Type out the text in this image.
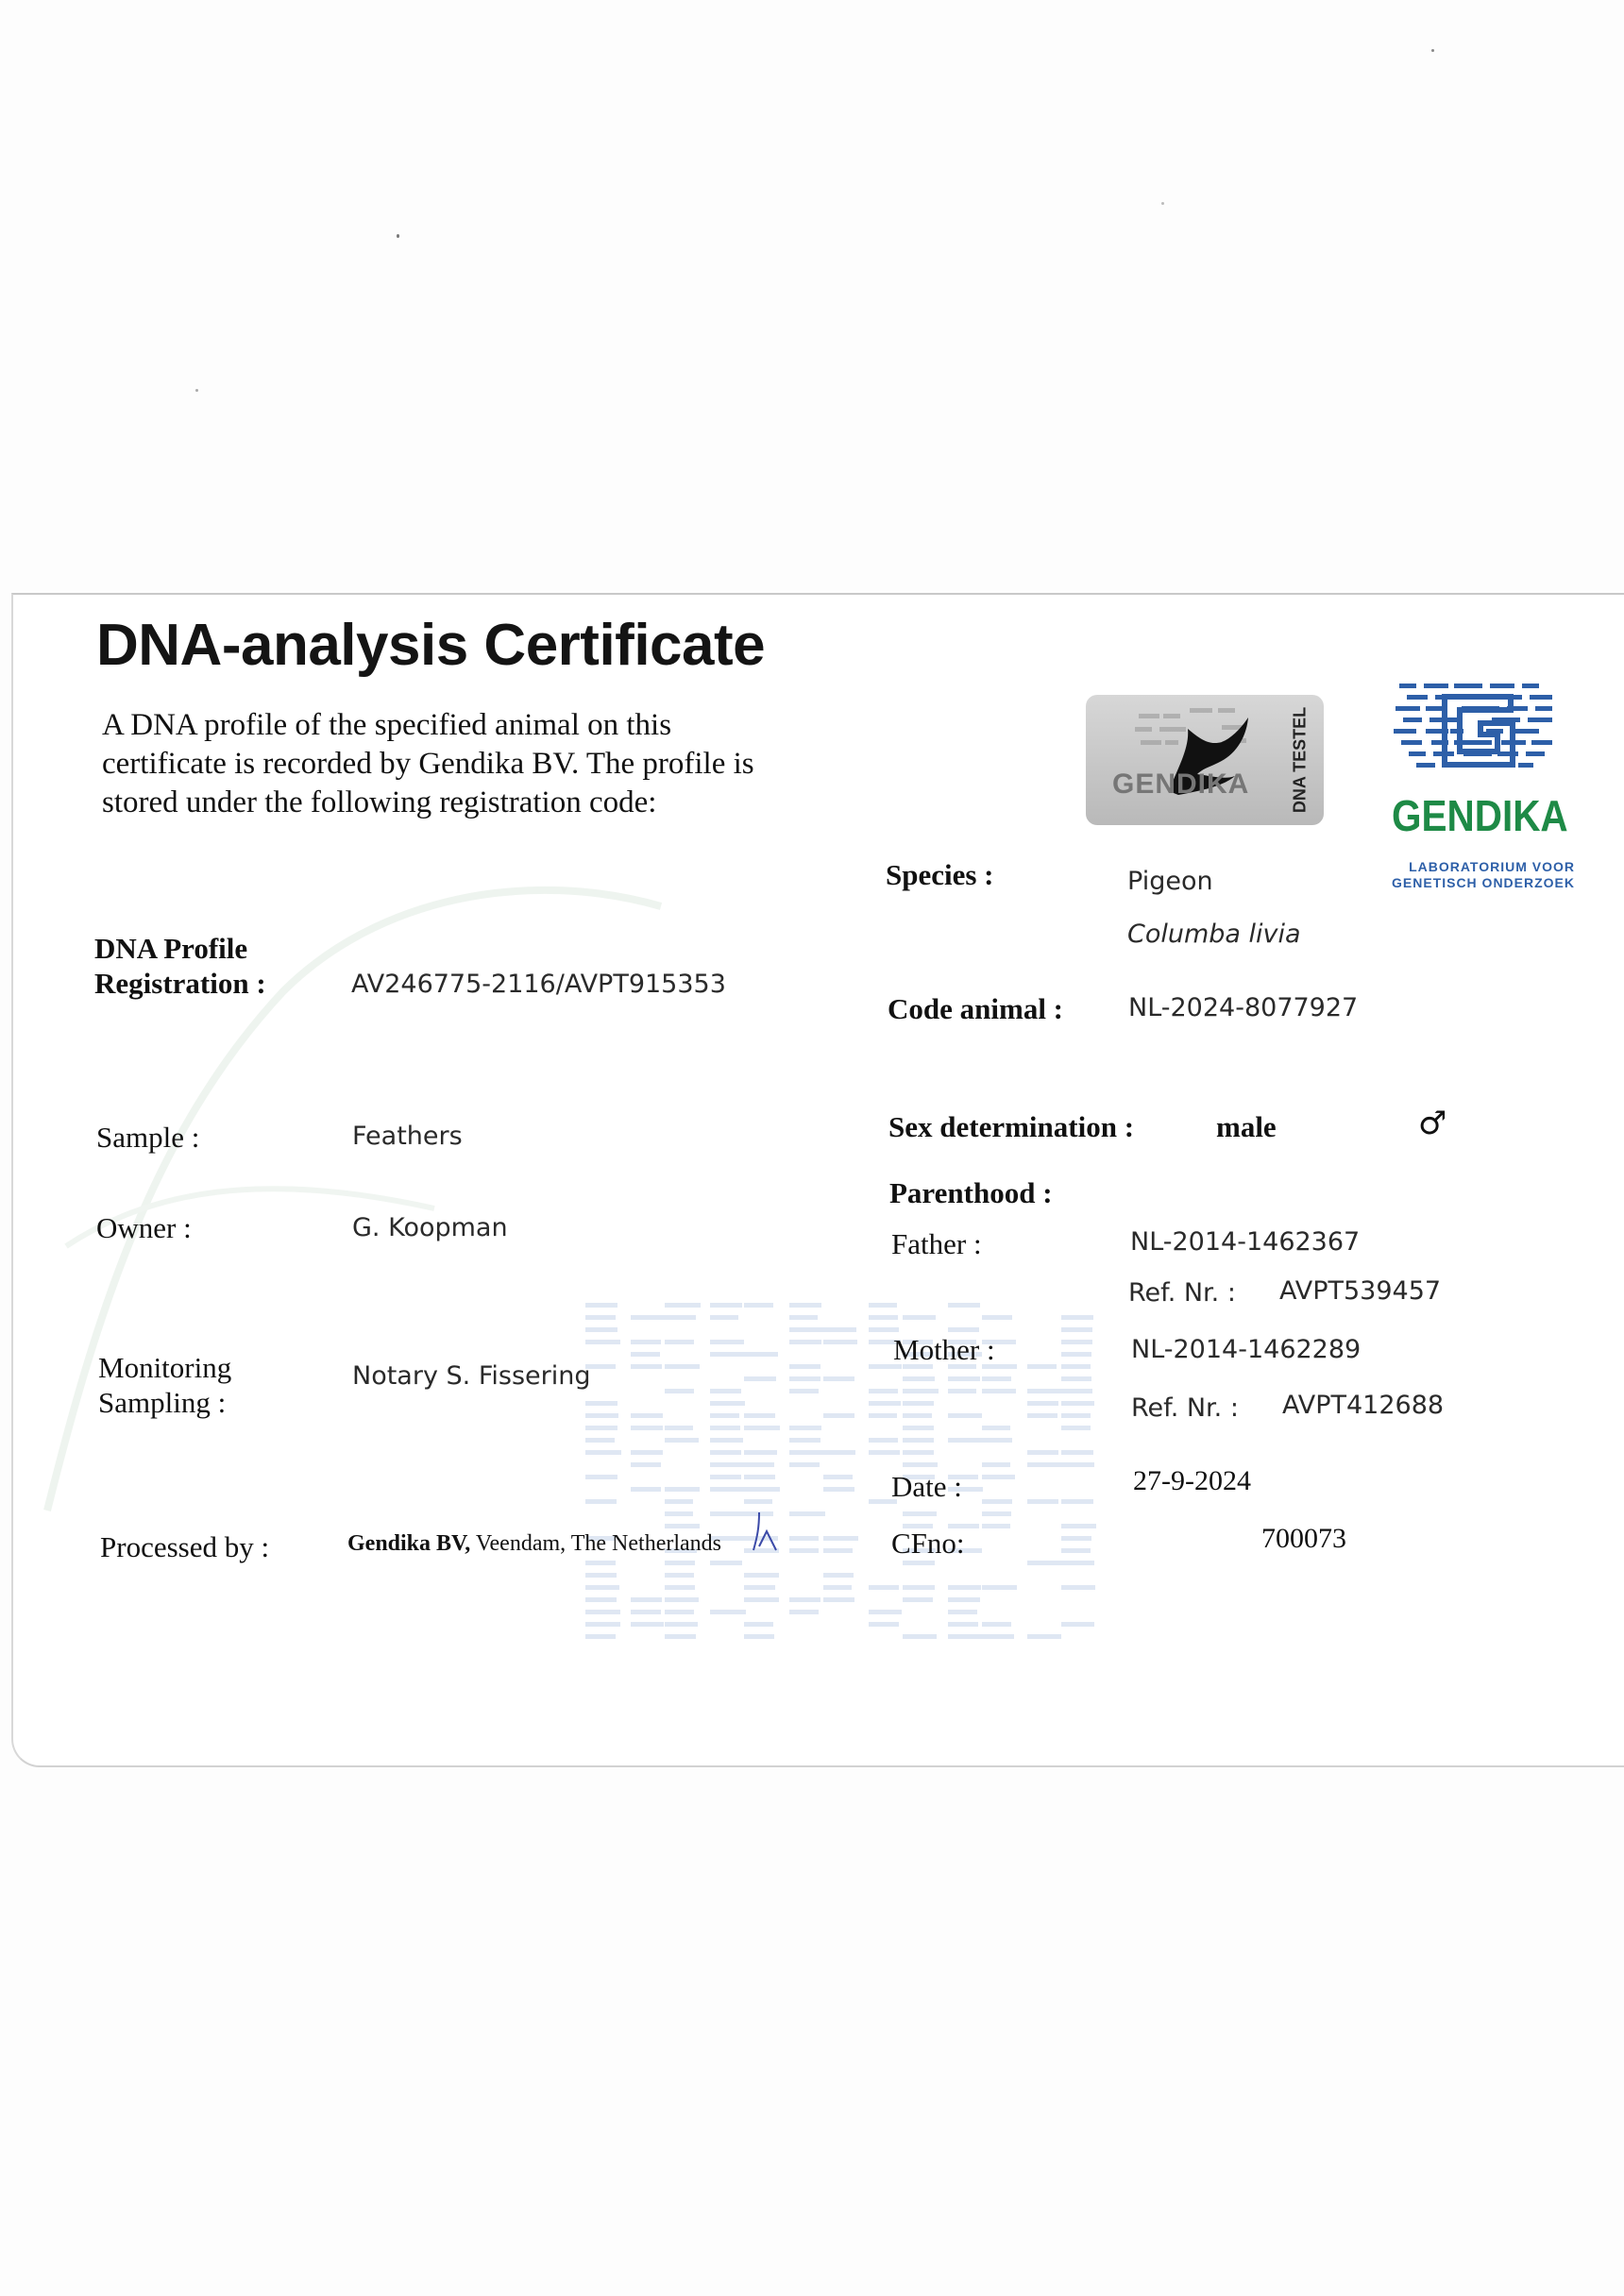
DNA-analysis Certificate
A DNA profile of the specified animal on this certificate is recorded by Gendika BV. The profile is stored under the following registration code:
DNA Profile
Registration :	AV246775-2116/AVPT915353
Sample :	Feathers
Owner :	G. Koopman
Monitoring
Sampling :
Notary S. Fissering
Processed by :	Gendika BV, Veendam, The Netherlands
Species :	Pigeon
Columba livia
Code animal :	NL-2024-8077927
Sex determination :	male	♂
Parenthood :
Father :	NL-2014-1462367
Ref. Nr. : AVPT539457
Mother :	NL-2014-1462289
Ref. Nr. : AVPT412688
Date :	27-9-2024
CFno:	700073
GENDIKA DNA TESTEL
GENDIKA
LABORATORIUM VOOR
GENETISCH ONDERZOEK
